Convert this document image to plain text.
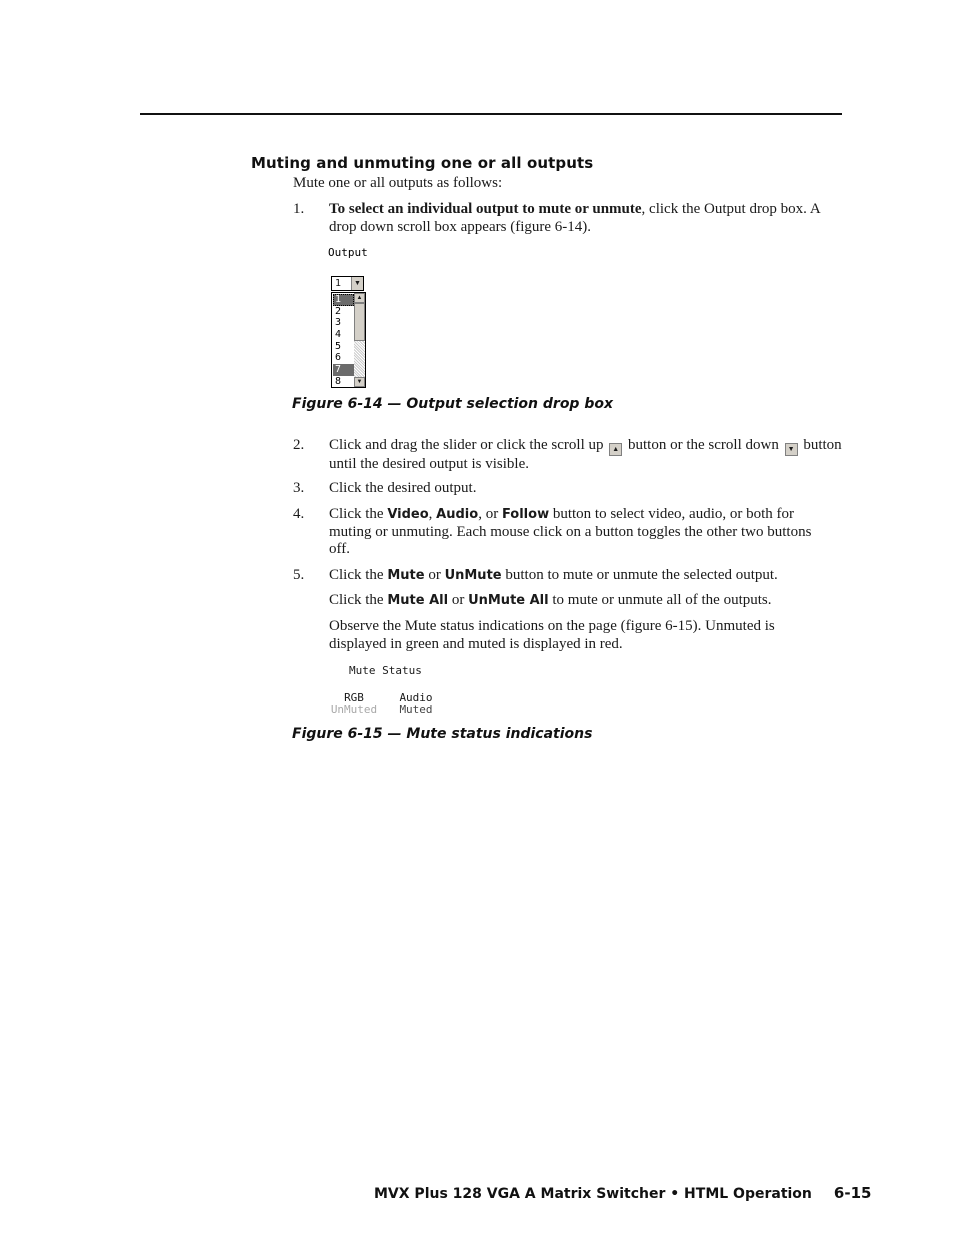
Muting and unmuting one or all outputs
Mute one or all outputs as follows:
1.	To select an individual output to mute or unmute, click the Output drop box. A drop down scroll box appears (figure 6-14).
Output
1	▼
1
2
3
4
5
6
7
8
▲
▼
Figure 6-14 — Output selection drop box
2.	Click and drag the slider or click the scroll up ▲ button or the scroll down ▼ button until the desired output is visible.
3.	Click the desired output.
4.	Click the Video, Audio, or Follow button to select video, audio, or both for muting or unmuting. Each mouse click on a button toggles the other two buttons off.
5.	Click the Mute or UnMute button to mute or unmute the selected output.
Click the Mute All or UnMute All to mute or unmute all of the outputs.
Observe the Mute status indications on the page (figure 6-15). Unmuted is displayed in green and muted is displayed in red.
Mute Status
RGB
UnMuted
Audio
Muted
Figure 6-15 — Mute status indications
MVX Plus 128 VGA A Matrix Switcher • HTML Operation 6-15
